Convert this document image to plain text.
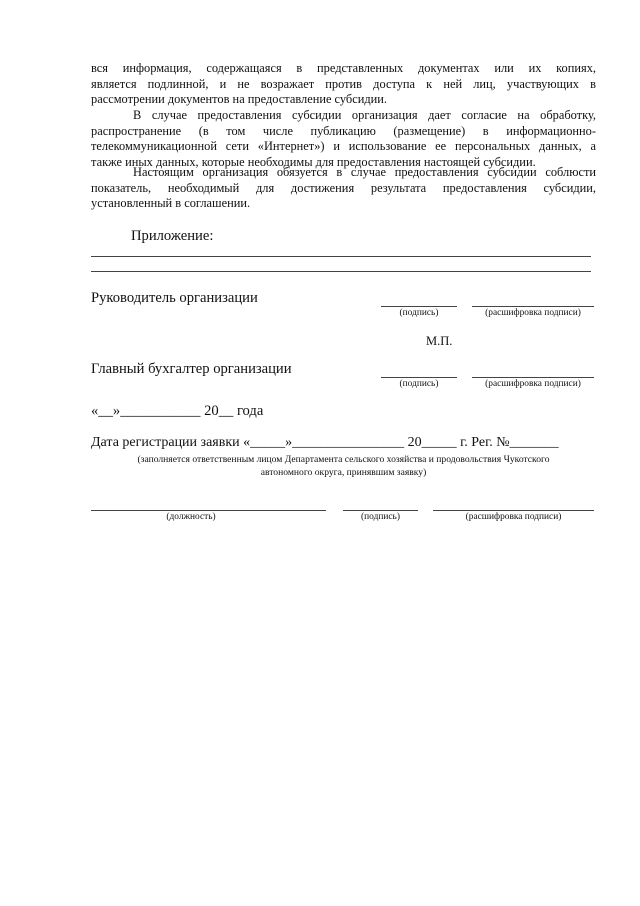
вся информация, содержащаяся в представленных документах или их копиях,
является подлинной, и не возражает против доступа к ней лиц, участвующих в
рассмотрении документов на предоставление субсидии.
В случае предоставления субсидии организация дает согласие на обработку,
распространение (в том числе публикацию (размещение) в информационно-
телекоммуникационной сети «Интернет») и использование ее персональных данных, а
также иных данных, которые необходимы для предоставления настоящей субсидии.
Настоящим организация обязуется в случае предоставления субсидии соблюсти
показатель, необходимый для достижения результата предоставления субсидии,
установленный в соглашении.
Приложение:
Руководитель организации
(подпись)	(расшифровка подписи)
М.П.
Главный бухгалтер организации
(подпись)	(расшифровка подписи)
«__»___________ 20__ года
Дата регистрации заявки «_____»________________ 20_____ г. Рег. №_______
(заполняется ответственным лицом Департамента сельского хозяйства и продовольствия Чукотского
автономного округа, принявшим заявку)
(должность)	(подпись)	(расшифровка подписи)
